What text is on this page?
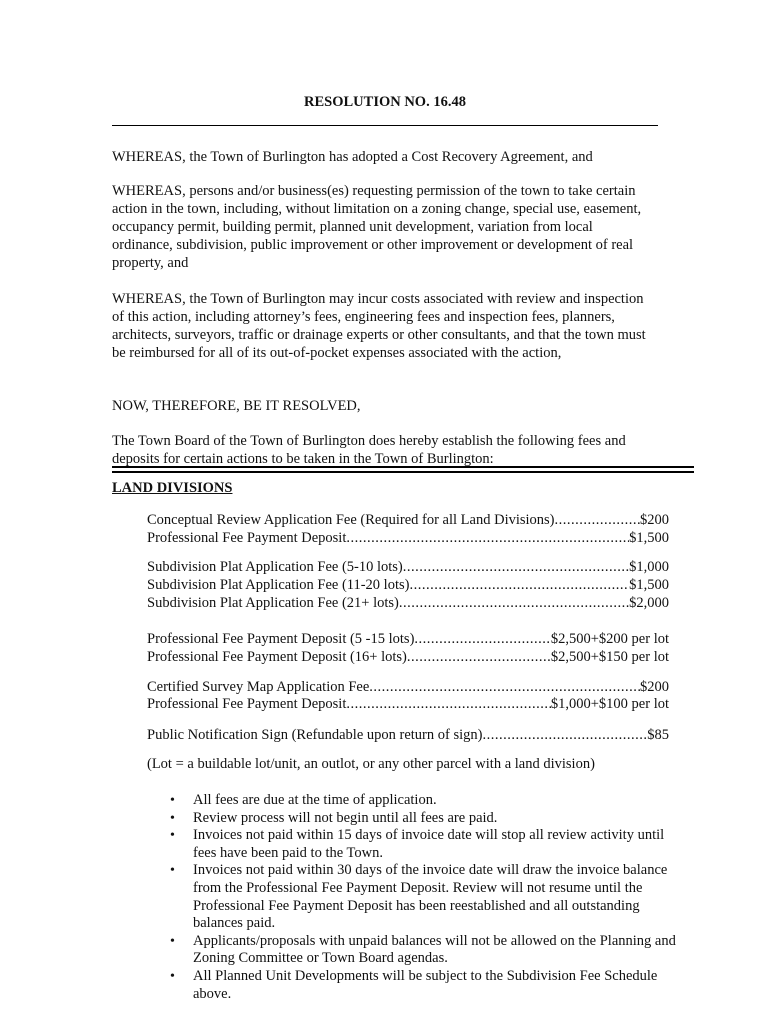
RESOLUTION NO. 16.48

WHEREAS, the Town of Burlington has adopted a Cost Recovery Agreement, and

WHEREAS, persons and/or business(es) requesting permission of the town to take certain action in the town, including, without limitation on a zoning change, special use, easement, occupancy permit, building permit, planned unit development, variation from local ordinance, subdivision, public improvement or other improvement or development of real property, and

WHEREAS, the Town of Burlington may incur costs associated with review and inspection of this action, including attorney’s fees, engineering fees and inspection fees, planners, architects, surveyors, traffic or drainage experts or other consultants, and that the town must be reimbursed for all of its out-of-pocket expenses associated with the action,

NOW, THEREFORE, BE IT RESOLVED,

The Town Board of the Town of Burlington does hereby establish the following fees and deposits for certain actions to be taken in the Town of Burlington:

LAND DIVISIONS
Conceptual Review Application Fee (Required for all Land Divisions) .....	$200
Professional Fee Payment Deposit .....	$1,500
Subdivision Plat Application Fee (5-10 lots) .....	$1,000
Subdivision Plat Application Fee (11-20 lots) .....	$1,500
Subdivision Plat Application Fee (21+ lots) .....	$2,000
Professional Fee Payment Deposit (5 -15 lots) .....	$2,500+$200 per lot
Professional Fee Payment Deposit (16+ lots) .....	$2,500+$150 per lot
Certified Survey Map Application Fee .....	$200
Professional Fee Payment Deposit .....	$1,000+$100 per lot
Public Notification Sign (Refundable upon return of sign) .....	$85
(Lot = a buildable lot/unit, an outlot, or any other parcel with a land division)
• All fees are due at the time of application.
• Review process will not begin until all fees are paid.
• Invoices not paid within 15 days of invoice date will stop all review activity until fees have been paid to the Town.
• Invoices not paid within 30 days of the invoice date will draw the invoice balance from the Professional Fee Payment Deposit. Review will not resume until the Professional Fee Payment Deposit has been reestablished and all outstanding balances paid.
• Applicants/proposals with unpaid balances will not be allowed on the Planning and Zoning Committee or Town Board agendas.
• All Planned Unit Developments will be subject to the Subdivision Fee Schedule above.
